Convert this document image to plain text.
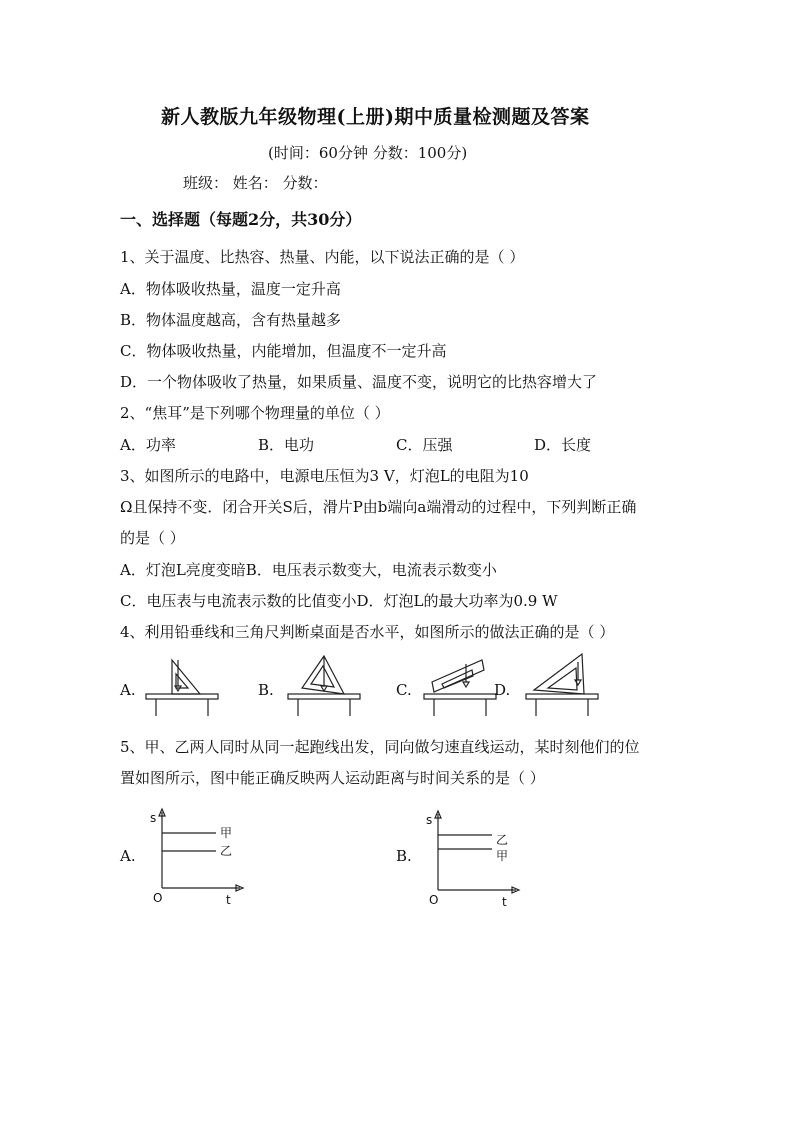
新人教版九年级物理(上册)期中质量检测题及答案
(时间：60分钟 分数：100分)
班级： 姓名： 分数：
一、选择题（每题2分，共30分）
1、关于温度、比热容、热量、内能，以下说法正确的是（ ）
A．物体吸收热量，温度一定升高
B．物体温度越高，含有热量越多
C．物体吸收热量，内能增加，但温度不一定升高
D．一个物体吸收了热量，如果质量、温度不变，说明它的比热容增大了
2、“焦耳”是下列哪个物理量的单位（ ）
A．功率	B．电功	C．压强	D．长度
3、如图所示的电路中，电源电压恒为3 V，灯泡L的电阻为10
Ω且保持不变．闭合开关S后，滑片P由b端向a端滑动的过程中，下列判断正确
的是（ ）
A．灯泡L亮度变暗B．电压表示数变大，电流表示数变小
C．电压表与电流表示数的比值变小D．灯泡L的最大功率为0.9 W
4、利用铅垂线和三角尺判断桌面是否水平，如图所示的做法正确的是（ ）
A.	B.	C.	D.
5、甲、乙两人同时从同一起跑线出发，同向做匀速直线运动，某时刻他们的位
置如图所示，图中能正确反映两人运动距离与时间关系的是（ ）
A.
s
t
O
甲
乙	B.
s
t
O
乙
甲
